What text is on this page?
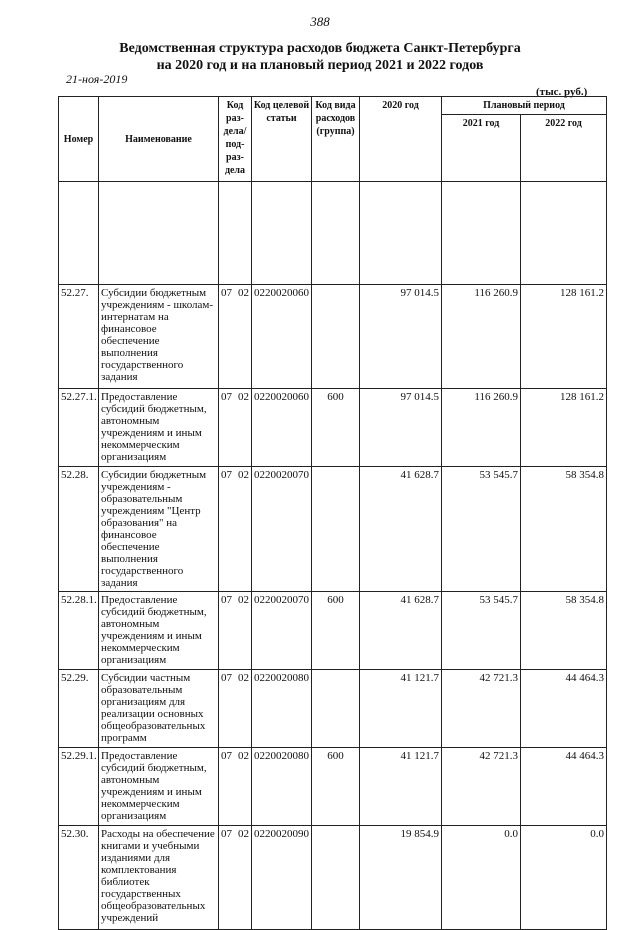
388
Ведомственная структура расходов бюджета Санкт-Петербурга
на 2020 год и на плановый период 2021 и 2022 годов
21-ноя-2019
(тыс. руб.)
Номер	Наименование	Код раз- дела/ под- раз- дела	Код целевой статьи	Код вида расходов (группа)	2020 год	Плановый период	
						2021 год	2022 год

52.27.	Субсидии бюджетным учреждениям - школам-интернатам на финансовое обеспечение выполнения государственного задания	07 02	0220020060		97 014.5	116 260.9	128 161.2
52.27.1.	Предоставление субсидий бюджетным, автономным учреждениям и иным некоммерческим организациям	07 02	0220020060	600	97 014.5	116 260.9	128 161.2
52.28.	Субсидии бюджетным учреждениям - образовательным учреждениям "Центр образования" на финансовое обеспечение выполнения государственного задания	07 02	0220020070		41 628.7	53 545.7	58 354.8
52.28.1.	Предоставление субсидий бюджетным, автономным учреждениям и иным некоммерческим организациям	07 02	0220020070	600	41 628.7	53 545.7	58 354.8
52.29.	Субсидии частным образовательным организациям для реализации основных общеобразовательных программ	07 02	0220020080		41 121.7	42 721.3	44 464.3
52.29.1.	Предоставление субсидий бюджетным, автономным учреждениям и иным некоммерческим организациям	07 02	0220020080	600	41 121.7	42 721.3	44 464.3
52.30.	Расходы на обеспечение книгами и учебными изданиями для комплектования библиотек государственных общеобразовательных учреждений	07 02	0220020090		19 854.9	0.0	0.0
